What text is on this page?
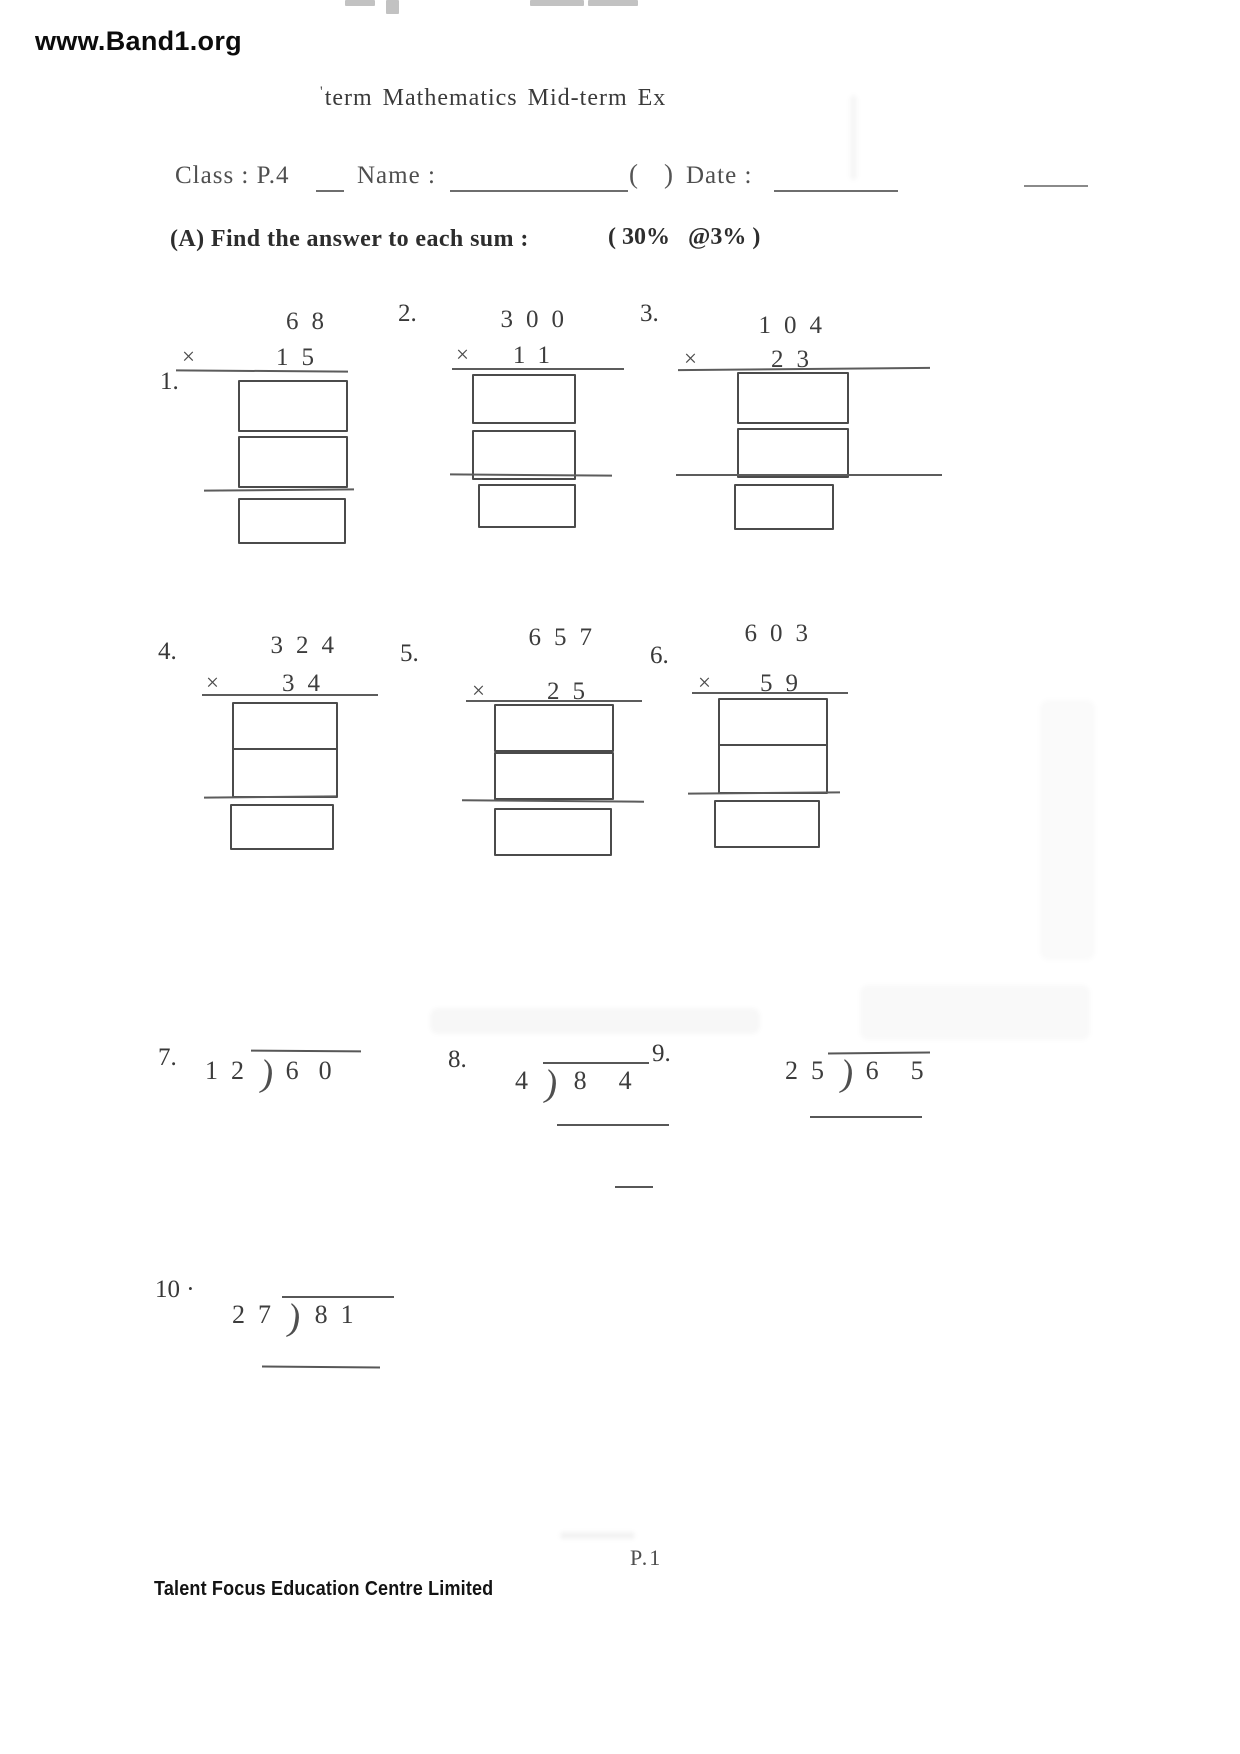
www.Band1.org
'term Mathematics Mid-term Ex
Class : P.4	Name :	( ) Date :
(A) Find the answer to each sum :	( 30%   @3% )
1.
2.	3.
4.	5.	6.
7.	8.	9.
10 ·
68
×	15
300
×	11
104
×	23
324
×	34
657
×	25
603
×	59
12) 60	4) 84	25) 65
27) 81
P.1
Talent Focus Education Centre Limited
